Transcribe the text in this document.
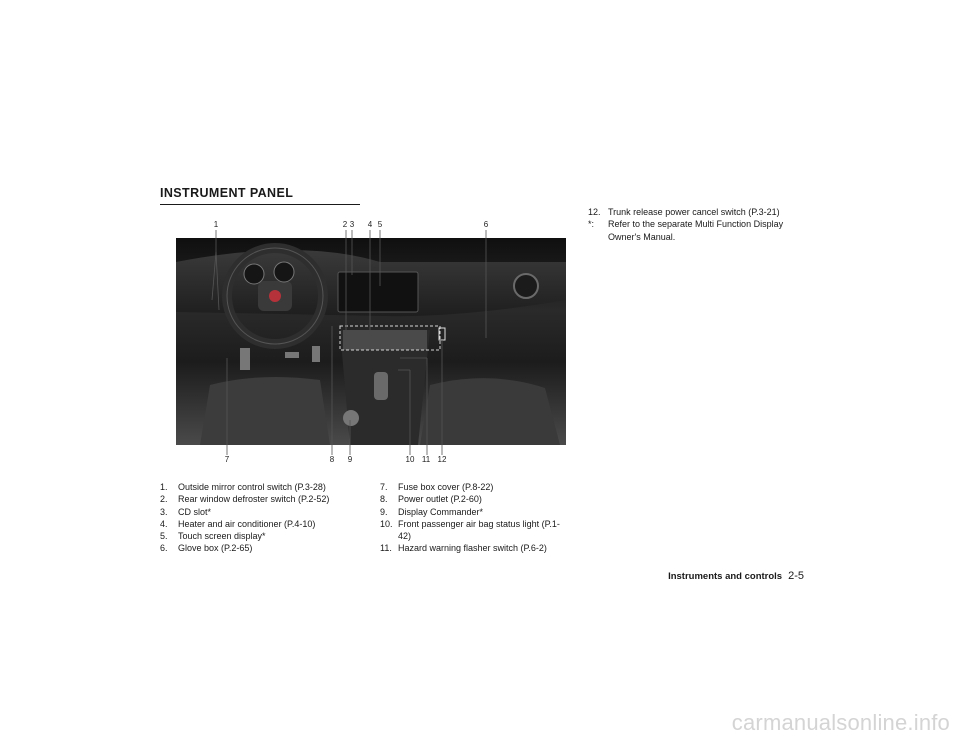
INSTRUMENT PANEL
1	2 3 4 5	6
7	8 9	10 11 12
1.	Outside mirror control switch (P.3-28)
2.	Rear window defroster switch (P.2-52)
3.	CD slot*
4.	Heater and air conditioner (P.4-10)
5.	Touch screen display*
6.	Glove box (P.2-65)
7.	Fuse box cover (P.8-22)
8.	Power outlet (P.2-60)
9.	Display Commander*
10. Front passenger air bag status light (P.1-42)
11. Hazard warning flasher switch (P.6-2)
12. Trunk release power cancel switch (P.3-21)
*:	Refer to the separate Multi Function Display Owner's Manual.
Instruments and controls 2-5
carmanualsonline.info
